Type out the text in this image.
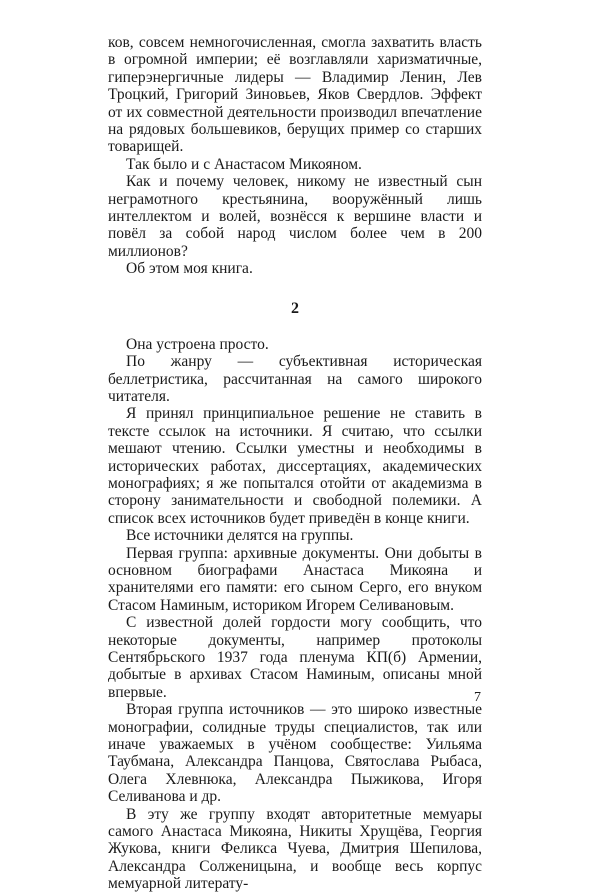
ков, совсем немногочисленная, смогла захватить власть в огромной империи; её возглавляли харизматичные, гиперэнергичные лидеры — Владимир Ленин, Лев Троцкий, Григорий Зиновьев, Яков Свердлов. Эффект от их совместной деятельности производил впечатление на рядовых большевиков, берущих пример со старших товарищей.

Так было и с Анастасом Микояном.

Как и почему человек, никому не известный сын неграмотного крестьянина, вооружённый лишь интеллектом и волей, вознёсся к вершине власти и повёл за собой народ числом более чем в 200 миллионов?

Об этом моя книга.

2

Она устроена просто.

По жанру — субъективная историческая беллетристика, рассчитанная на самого широкого читателя.

Я принял принципиальное решение не ставить в тексте ссылок на источники. Я считаю, что ссылки мешают чтению. Ссылки уместны и необходимы в исторических работах, диссертациях, академических монографиях; я же попытался отойти от академизма в сторону занимательности и свободной полемики. А список всех источников будет приведён в конце книги.

Все источники делятся на группы.

Первая группа: архивные документы. Они добыты в основном биографами Анастаса Микояна и хранителями его памяти: его сыном Серго, его внуком Стасом Наминым, историком Игорем Селивановым.

С известной долей гордости могу сообщить, что некоторые документы, например протоколы Сентябрьского 1937 года пленума КП(б) Армении, добытые в архивах Стасом Наминым, описаны мной впервые.

Вторая группа источников — это широко известные монографии, солидные труды специалистов, так или иначе уважаемых в учёном сообществе: Уильяма Таубмана, Александра Панцова, Святослава Рыбаса, Олега Хлевнюка, Александра Пыжикова, Игоря Селиванова и др.

В эту же группу входят авторитетные мемуары самого Анастаса Микояна, Никиты Хрущёва, Георгия Жукова, книги Феликса Чуева, Дмитрия Шепилова, Александра Солженицына, и вообще весь корпус мемуарной литерату-

7
